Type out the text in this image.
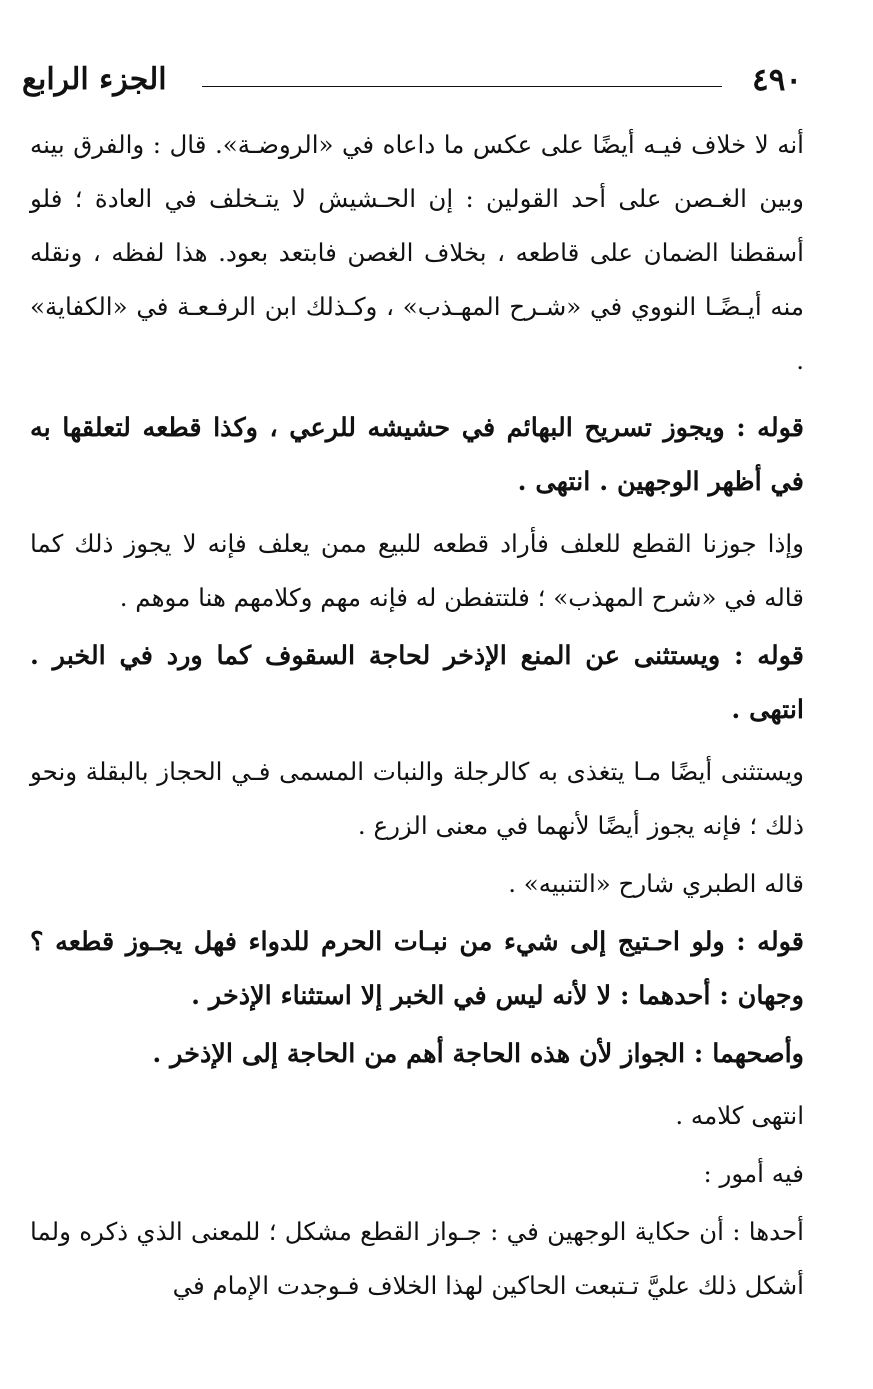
٤٩٠
الجزء الرابع

أنه لا خلاف فيـه أيضًا على عكس ما داعاه في «الروضـة». قال : والفرق بينه وبين الغـصن على أحد القولين : إن الحـشيش لا يتـخلف في العادة ؛ فلو أسقطنا الضمان على قاطعه ، بخلاف الغصن فابتعد بعود. هذا لفظه ، ونقله منه أيـضًـا النووي في «شـرح المهـذب» ، وكـذلك ابن الرفـعـة في «الكفاية» .

قوله : ويجوز تسريح البهائم في حشيشه للرعي ، وكذا قطعه لتعلقها به في أظهر الوجهين . انتهى .

وإذا جوزنا القطع للعلف فأراد قطعه للبيع ممن يعلف فإنه لا يجوز ذلك كما قاله في «شرح المهذب» ؛ فلتتفطن له فإنه مهم وكلامهم هنا موهم .

قوله : ويستثنى عن المنع الإذخر لحاجة السقوف كما ورد في الخبر . انتهى .

ويستثنى أيضًا مـا يتغذى به كالرجلة والنبات المسمى فـي الحجاز بالبقلة ونحو ذلك ؛ فإنه يجوز أيضًا لأنهما في معنى الزرع .

قاله الطبري شارح «التنبيه» .

قوله : ولو احـتيج إلى شيء من نبـات الحرم للدواء فهل يجـوز قطعه ؟ وجهان : أحدهما : لا لأنه ليس في الخبر إلا استثناء الإذخر .

وأصحهما : الجواز لأن هذه الحاجة أهم من الحاجة إلى الإذخر .

انتهى كلامه .

فيه أمور :

أحدها : أن حكاية الوجهين في : جـواز القطع مشكل ؛ للمعنى الذي ذكره ولما أشكل ذلك عليَّ تـتبعت الحاكين لهذا الخلاف فـوجدت الإمام في
